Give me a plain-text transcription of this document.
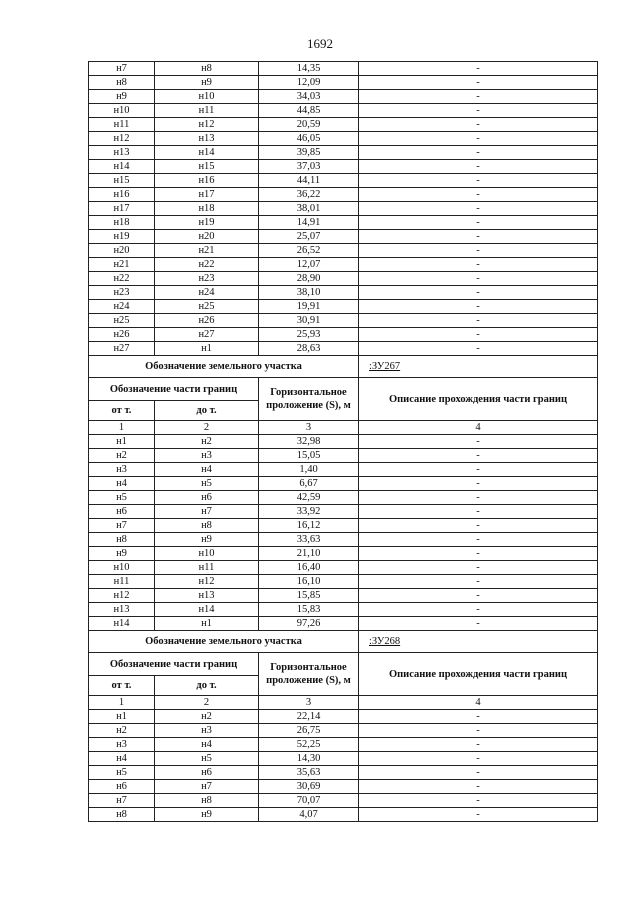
1692
н7	н8	14,35	-
н8	н9	12,09	-
н9	н10	34,03	-
н10	н11	44,85	-
н11	н12	20,59	-
н12	н13	46,05	-
н13	н14	39,85	-
н14	н15	37,03	-
н15	н16	44,11	-
н16	н17	36,22	-
н17	н18	38,01	-
н18	н19	14,91	-
н19	н20	25,07	-
н20	н21	26,52	-
н21	н22	12,07	-
н22	н23	28,90	-
н23	н24	38,10	-
н24	н25	19,91	-
н25	н26	30,91	-
н26	н27	25,93	-
н27	н1	28,63	-
Обозначение земельного участка			:ЗУ267
Обозначение части границ		Горизонтальное проложение (S), м	Описание прохождения части границ
от т.	до т.		
1	2	3	4
н1	н2	32,98	-
н2	н3	15,05	-
н3	н4	1,40	-
н4	н5	6,67	-
н5	н6	42,59	-
н6	н7	33,92	-
н7	н8	16,12	-
н8	н9	33,63	-
н9	н10	21,10	-
н10	н11	16,40	-
н11	н12	16,10	-
н12	н13	15,85	-
н13	н14	15,83	-
н14	н1	97,26	-
Обозначение земельного участка			:ЗУ268
Обозначение части границ		Горизонтальное проложение (S), м	Описание прохождения части границ
от т.	до т.		
1	2	3	4
н1	н2	22,14	-
н2	н3	26,75	-
н3	н4	52,25	-
н4	н5	14,30	-
н5	н6	35,63	-
н6	н7	30,69	-
н7	н8	70,07	-
н8	н9	4,07	-
